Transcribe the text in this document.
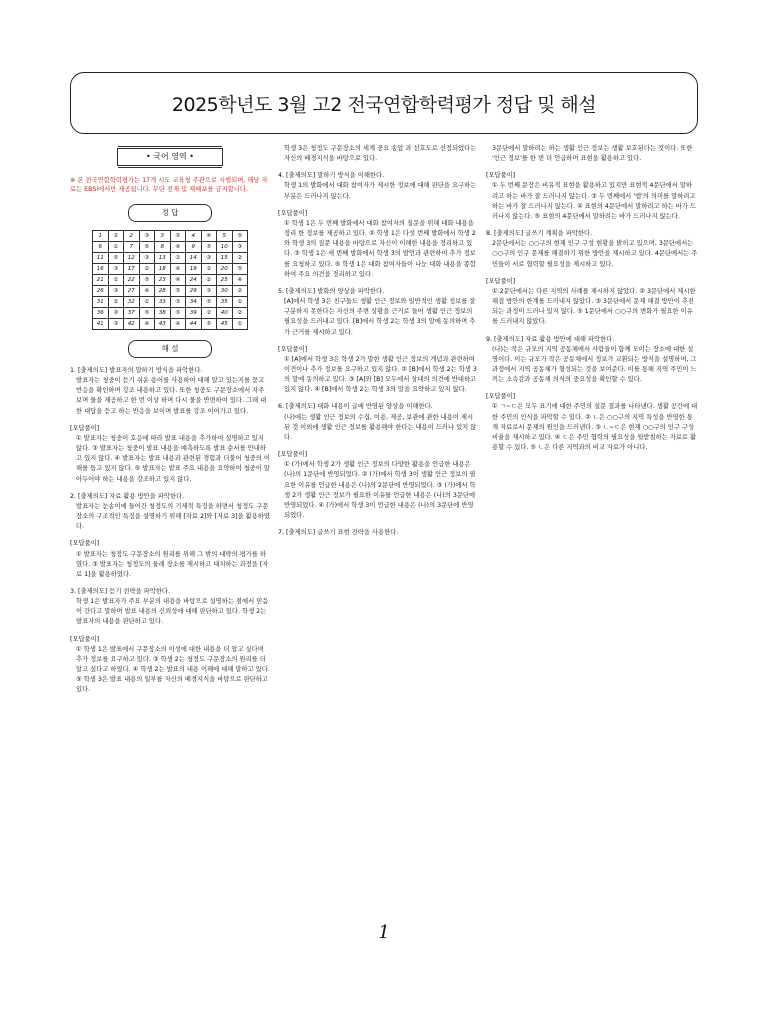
2025학년도 3월 고2 전국연합학력평가 정답 및 해설
• 국어 영역 •
※ 본 전국연합학력평가는 17개 시도 교육청 주관으로 시행되며, 해당 자료는 EBSi에서만 제공됩니다. 무단 전재 및 재배포를 금지합니다.
정 답
1	②	2	③	3	⑤	4	④	5	⑤
6	①	7	⑤	8	④	9	⑤	10	③
11	⑤	12	③	13	②	14	③	15	②
16	③	17	②	18	④	19	②	20	⑤
21	②	22	⑤	23	④	24	①	25	④
26	③	27	④	28	⑤	29	③	30	②
31	②	32	①	33	③	34	⑤	35	①
36	③	37	⑤	38	⑤	39	②	40	②
41	③	42	④	43	④	44	⑤	45	①
해 설
1. [출제의도] 발표자의 말하기 방식을 파악한다.

발표자는 청중이 듣기 쉬운 용어를 사용하여 대해 알고 있는지를 묻고 반응을 확인하며 강조 내용하고 있다. 또한 청중도 구문장소에서 자주 보며 물을 제공하고 한 번 이상 하며 다시 물을 반면하여 있다. 그래 대한 대답을 듣고 하는 반응을 보이며 발표를 강조 이어가고 있다.

[오답풀이]

① 발표자는 청중이 호응에 따라 발표 내용을 추가하여 설명하고 있지 않다. ③ 발표자는 청중이 발표 내용을 예측하도록 발표 순서를 안내하고 있지 않다. ④ 발표자는 발표 내용과 관련된 경험과 더불어 청중의 이해를 돕고 있지 않다. ⑤ 발표자는 발표 주요 내용을 요약하여 청중이 알아두어야 하는 내용을 강조하고 있지 않다.

2. [출제의도] 자료 활용 방안을 파악한다.

발표자는 눈송이에 들어간 청정도의 기제적 특징을 하면서 청정도 구문장소의 구조적인 특징을 설명하기 위해 [자료 2]와 [자료 3]을 활용하였다.

[오답풀이]

① 발표자는 청정도 구문장소의 원리를 위해 그 밖의 대략의 평가를 하였다. ③ 발표자는 청정도의 둘레 장소를 제시하고 대치하는 과정을 [자료 1]을 활용하였다.

3. [출제의도] 듣기 전략을 파악한다.

학생 1은 발표자가 주요 부분의 내용을 바탕으로 설명하는 점에서 믿음이 간다고 말하며 발표 내용의 신뢰성에 대해 판단하고 있다. 학생 2는 발표자의 내용을 판단하고 있다.

[오답풀이]

① 학생 1은 발표에서 구문장소의 이성에 대한 내용을 더 알고 싶다며 추가 정보를 요구하고 있다. ③ 학생 2는 청정도 구문장소의 원리를 더 알고 싶다고 하였다. ④ 학생 2는 발표의 내용 이해에 대해 말하고 있다. ⑤ 학생 3은 발표 내용의 일부를 자신의 배경지식을 바탕으로 판단하고 있다.

학생 3은 청정도 구문장소의 세계 중요 송압 과 선호도로 선정되었다는 자신의 배경지식을 바탕으로 있다.

4. [출제의도] 말하기 방식을 이해한다.

학생 1의 발화에서 대화 참여자가 제시한 정보에 대해 판단을 요구하는 부분은 드러나지 않는다.

[오답풀이]

① 학생 1은 두 번째 발화에서 대화 참여자의 질문을 위해 대화 내용을 정리 한 정보를 제공하고 있다. ② 학생 1은 다섯 번째 발화에서 학생 2와 학생 3의 질문 내용을 바탕으로 자신이 이해한 내용을 정리하고 있다. ③ 학생 1은 세 번째 발화에서 학생 3의 발언과 관련하여 추가 정보를 요청하고 있다. ⑤ 학생 1은 대화 참여자들이 나눈 대화 내용을 종합하여 주요 의견을 정리하고 있다.

5. [출제의도] 발화의 양상을 파악한다.

[A]에서 학생 3은 친구들도 생활 인근 정보와 일반적인 생활 정보를 잘 구분하지 못한다는 자신의 주변 상황을 근거로 들어 생활 인근 정보의 필요성을 드러내고 있다. [B]에서 학생 2는 학생 3의 말에 동의하며 추가 근거를 제시하고 있다.

[오답풀이]

① [A]에서 학생 3은 학생 2가 말한 생활 인근 정보의 개념과 관련하여 이견이나 추가 정보를 요구하고 있지 않다. ② [B]에서 학생 2는 학생 3의 말에 동의하고 있다. ③ [A]와 [B] 모두에서 상대의 의견에 반대하고 있지 않다. ④ [B]에서 학생 2는 학생 3의 말을 요약하고 있지 않다.

6. [출제의도] 대화 내용이 글에 반영된 양상을 이해한다.

(나)에는 생활 인근 정보의 수집, 이용, 제공, 보관에 관한 내용이 제시된 것 이외에 생활 인근 정보를 활용해야 한다는 내용이 드러나 있지 않다.

[오답풀이]

① (가)에서 학생 2가 생활 인근 정보의 다양한 활용을 언급한 내용은 (나)의 1문단에 반영되었다. ② (가)에서 학생 3이 생활 인근 정보의 필요한 이유를 언급한 내용은 (나)의 2문단에 반영되었다. ③ (가)에서 학생 2가 생활 인근 정보가 필요한 이유를 언급한 내용은 (나)의 3문단에 반영되었다. ④ (가)에서 학생 3이 언급한 내용은 (나)의 3문단에 반영되었다.

7. [출제의도] 글쓰기 표현 전략을 사용한다.

3문단에서 말하려는 하는 생활 인근 정보는 생활 보호된다는 것이다. 또한 '인근 정보'를 한 번 더 언급하며 표현을 활용하고 있다.

[오답풀이]

① 두 번째 문장은 비유적 표현을 활용하고 있지만 표현적 4문단에서 말하려고 하는 바가 잘 드러나지 않는다. ③ 두 번째에서 '앱'의 의미를 말하려고 하는 바가 잘 드러나지 않는다. ④ 표현의 4문단에서 말하려고 하는 바가 드러나지 않는다. ⑤ 표현의 4문단에서 말하려는 바가 드러나지 않는다.

8. [출제의도] 글쓰기 계획을 파악한다.

2문단에서는 ○○구의 현재 인구 구성 현황을 밝히고 있으며, 3문단에서는 ○○구의 인구 문제를 해결하기 위한 방안을 제시하고 있다. 4문단에서는 주민들이 서로 협력할 필요성을 제시하고 있다.

[오답풀이]

① 2문단에서는 다른 지역의 사례를 제시하지 않았다. ② 3문단에서 제시한 해결 방안의 한계를 드러내지 않았다. ③ 3문단에서 문제 해결 방안이 추진되는 과정이 드러나 있지 않다. ⑤ 1문단에서 ○○구의 변화가 필요한 이유를 드러내지 않았다.

9. [출제의도] 자료 활용 방안에 대해 파악한다.

(나)는 작은 규모의 지역 공동체에서 사람들이 함께 모이는 장소에 대한 설명이다. 이는 규모가 작은 공동체에서 정보가 교환되는 방식을 설명하며, 그 과정에서 지역 공동체가 형성되는 것을 보여준다. 이를 통해 지역 주민이 느끼는 소속감과 공동체 의식의 중요성을 확인할 수 있다.

[오답풀이]

① ㄱ~ㄷ은 모두 표기에 대한 주민의 설문 결과를 나타낸다. 생활 공간에 대한 주민의 인식을 파악할 수 있다. ② ㄴ은 ○○구의 지역 특성을 반영한 통계 자료로서 문제의 원인을 드러낸다. ③ ㄴ~ㄷ은 현재 ○○구의 인구 구성 비율을 제시하고 있다. ④ ㄷ은 주민 협력의 필요성을 뒷받침하는 자료로 활용할 수 있다. ⑤ ㄴ은 다른 지역과의 비교 자료가 아니다.

1
